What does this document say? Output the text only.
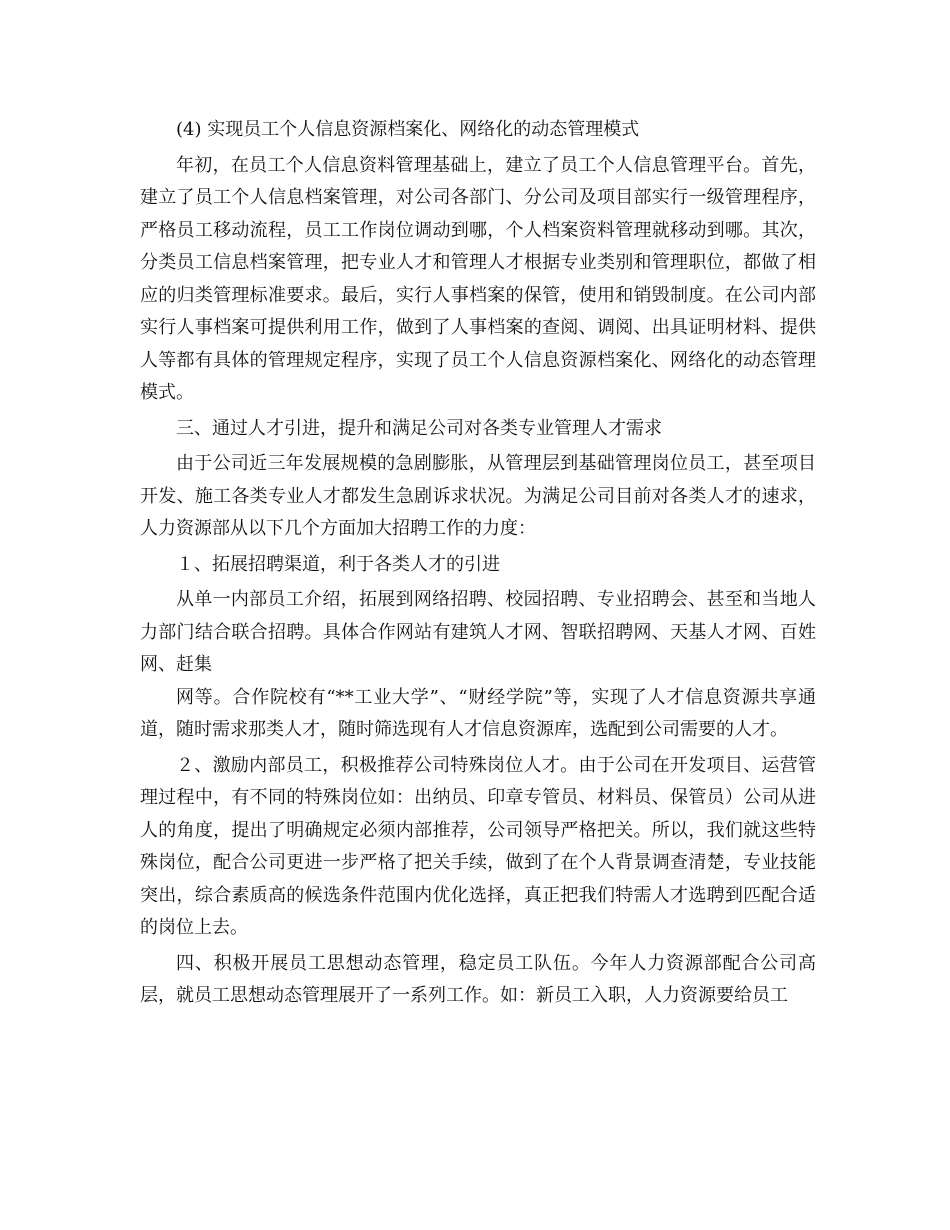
(4) 实现员工个人信息资源档案化、网络化的动态管理模式

年初，在员工个人信息资料管理基础上，建立了员工个人信息管理平台。首先，建立了员工个人信息档案管理，对公司各部门、分公司及项目部实行一级管理程序，严格员工移动流程，员工工作岗位调动到哪，个人档案资料管理就移动到哪。其次，分类员工信息档案管理，把专业人才和管理人才根据专业类别和管理职位，都做了相应的归类管理标准要求。最后，实行人事档案的保管，使用和销毁制度。在公司内部实行人事档案可提供利用工作，做到了人事档案的查阅、调阅、出具证明材料、提供人等都有具体的管理规定程序，实现了员工个人信息资源档案化、网络化的动态管理模式。

三、通过人才引进，提升和满足公司对各类专业管理人才需求

由于公司近三年发展规模的急剧膨胀，从管理层到基础管理岗位员工，甚至项目开发、施工各类专业人才都发生急剧诉求状况。为满足公司目前对各类人才的速求，人力资源部从以下几个方面加大招聘工作的力度：

１、拓展招聘渠道，利于各类人才的引进

从单一内部员工介绍，拓展到网络招聘、校园招聘、专业招聘会、甚至和当地人力部门结合联合招聘。具体合作网站有建筑人才网、智联招聘网、天基人才网、百姓网、赶集

网等。合作院校有“**工业大学”、“财经学院”等，实现了人才信息资源共享通道，随时需求那类人才，随时筛选现有人才信息资源库，选配到公司需要的人才。

２、激励内部员工，积极推荐公司特殊岗位人才。由于公司在开发项目、运营管理过程中，有不同的特殊岗位如：出纳员、印章专管员、材料员、保管员）公司从进人的角度，提出了明确规定必须内部推荐，公司领导严格把关。所以，我们就这些特殊岗位，配合公司更进一步严格了把关手续，做到了在个人背景调查清楚，专业技能突出，综合素质高的候选条件范围内优化选择，真正把我们特需人才选聘到匹配合适的岗位上去。

四、积极开展员工思想动态管理，稳定员工队伍。今年人力资源部配合公司高层，就员工思想动态管理展开了一系列工作。如：新员工入职，人力资源要给员工
